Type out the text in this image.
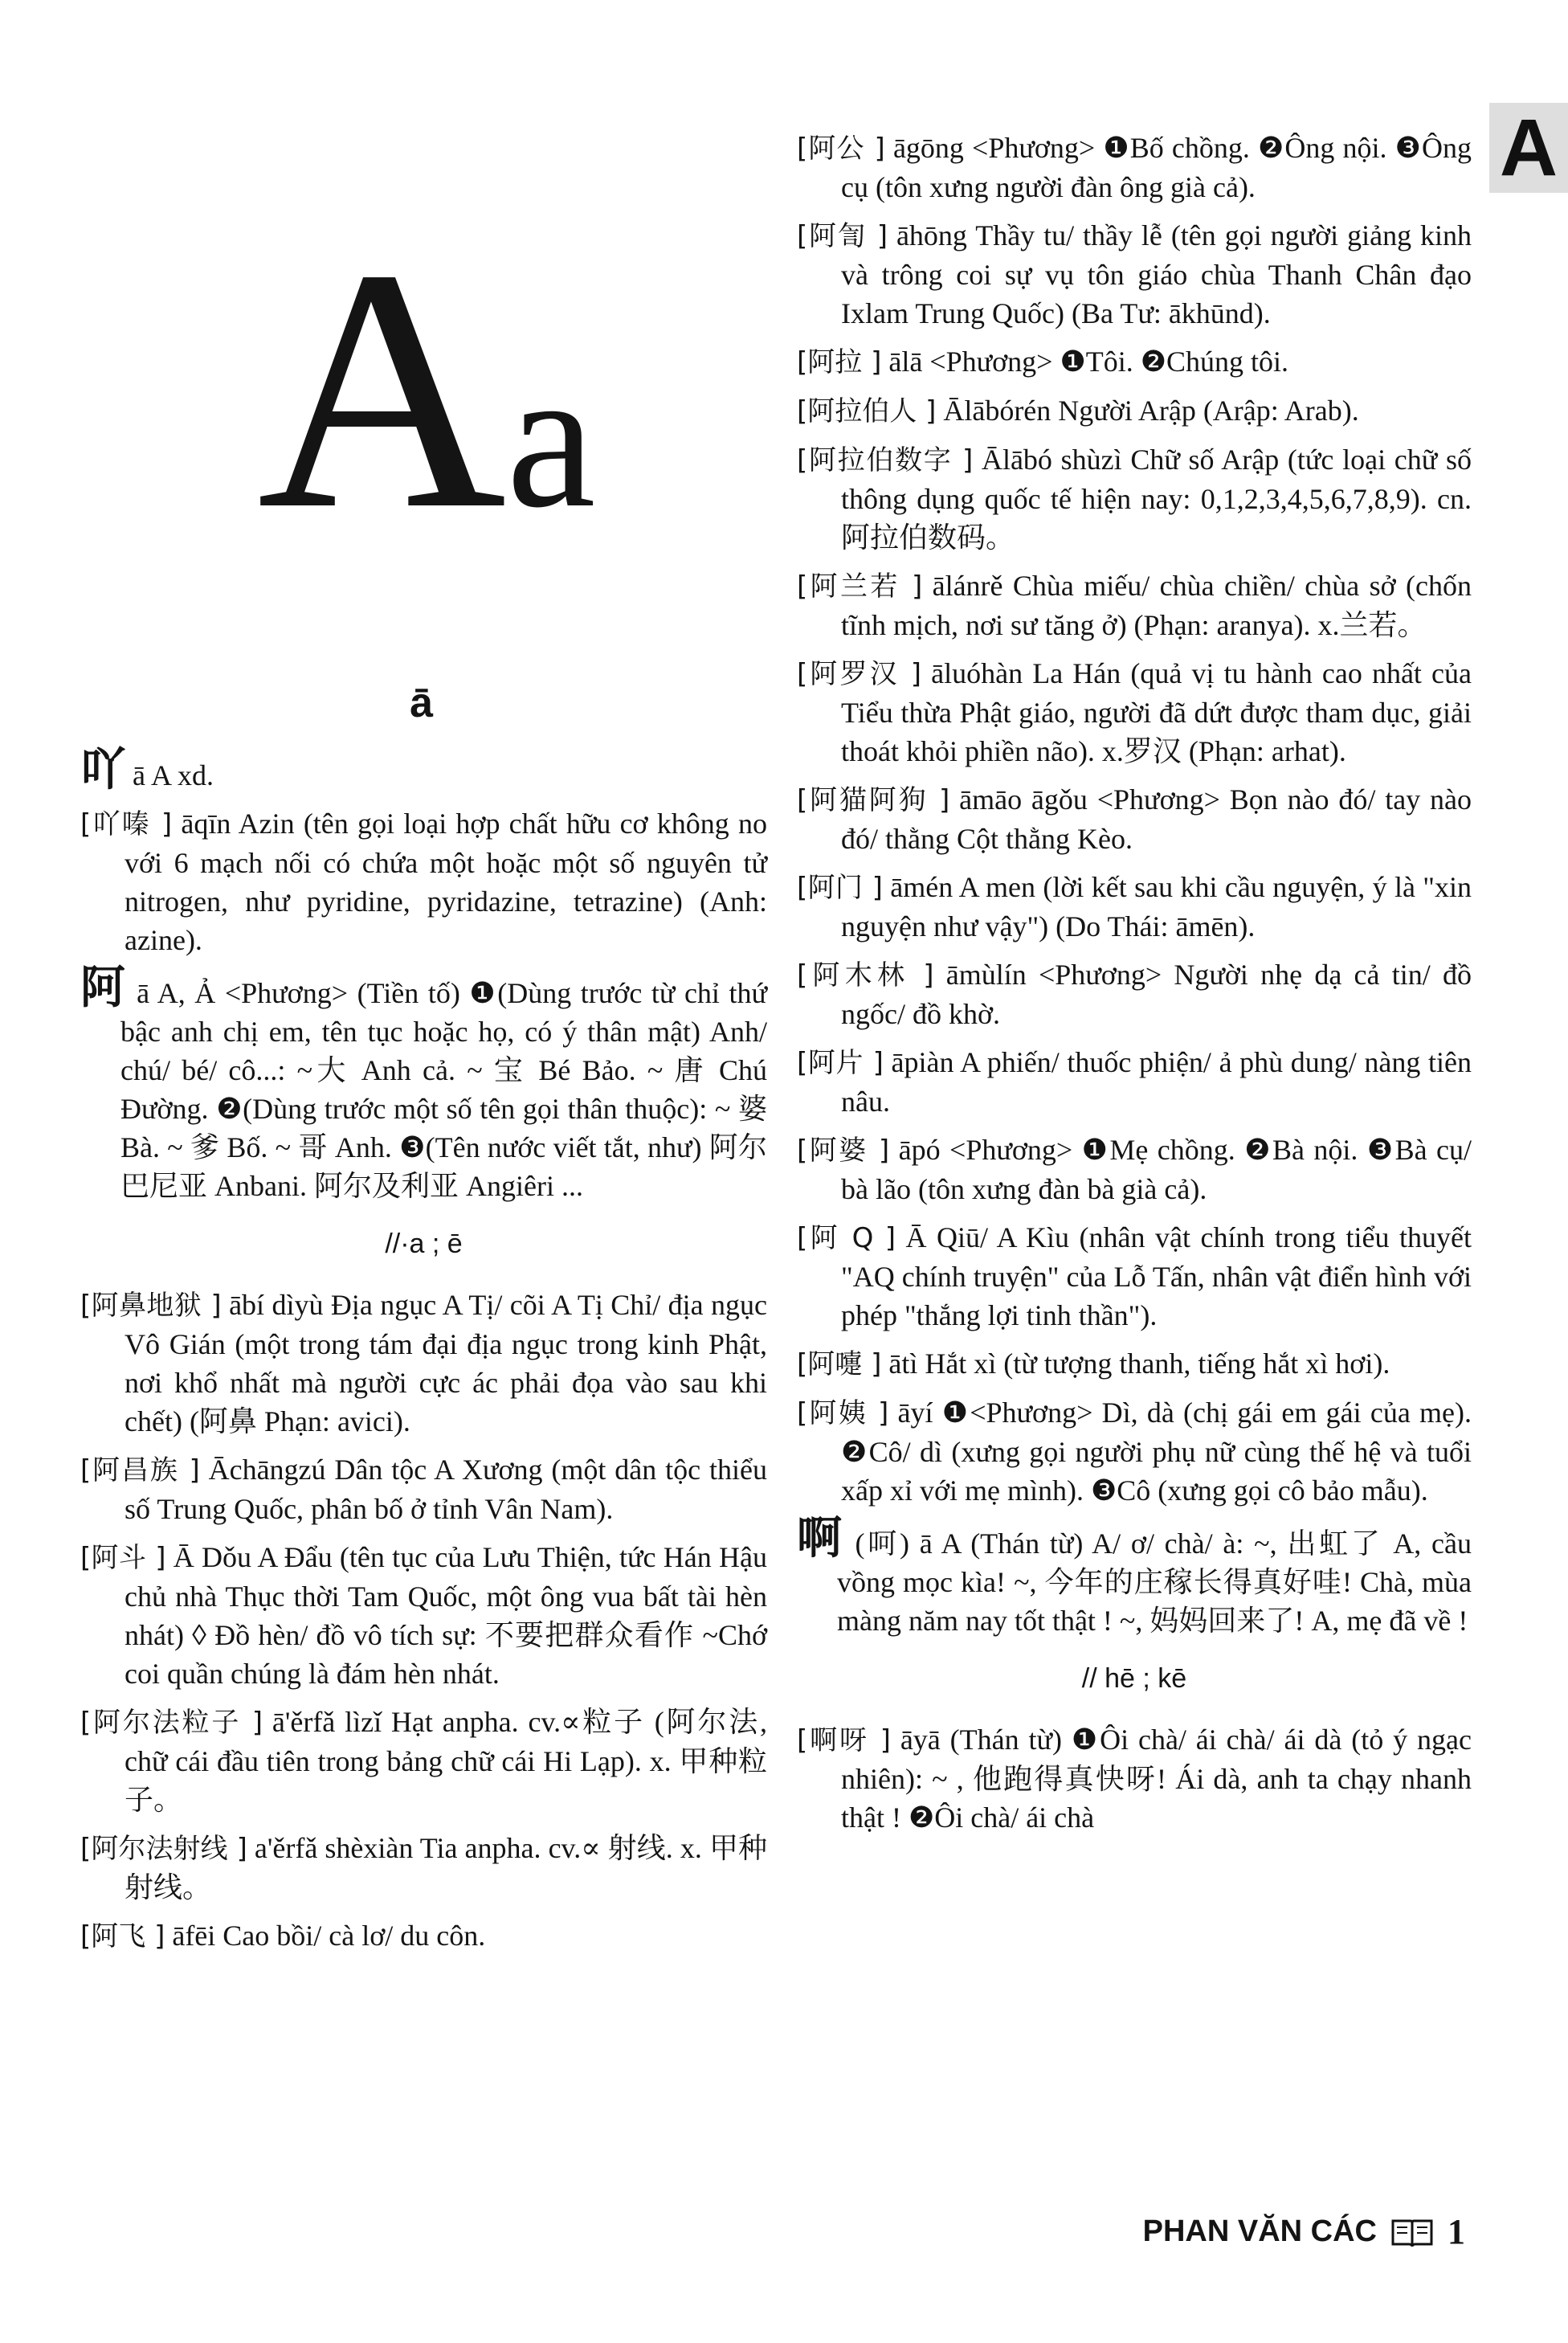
Aa
ā
A
吖 ā A xd.
[吖嗪 ] āqīn Azin (tên gọi loại hợp chất hữu cơ không no với 6 mạch nối có chứa một hoặc một số nguyên tử nitrogen, như pyridine, pyridazine, tetrazine) (Anh: azine).
阿 ā A, Ả <Phương> (Tiền tố) ❶(Dùng trước từ chỉ thứ bậc anh chị em, tên tục hoặc họ, có ý thân mật) Anh/ chú/ bé/ cô...: ~大 Anh cả. ~ 宝 Bé Bảo. ~ 唐 Chú Đường. ❷(Dùng trước một số tên gọi thân thuộc): ~ 婆 Bà. ~ 爹 Bố. ~ 哥 Anh. ❸(Tên nước viết tắt, như) 阿尔巴尼亚 Anbani. 阿尔及利亚 Angiêri ...
//·a ; ē
[阿鼻地狱 ] ābí dìyù Địa ngục A Tị/ cõi A Tị Chỉ/ địa ngục Vô Gián (một trong tám đại địa ngục trong kinh Phật, nơi khổ nhất mà người cực ác phải đọa vào sau khi chết) (阿鼻 Phạn: avici).
[阿昌族 ] Āchāngzú Dân tộc A Xương (một dân tộc thiểu số Trung Quốc, phân bố ở tỉnh Vân Nam).
[阿斗 ] Ā Dǒu A Đẩu (tên tục của Lưu Thiện, tức Hán Hậu chủ nhà Thục thời Tam Quốc, một ông vua bất tài hèn nhát) ◊ Đồ hèn/ đồ vô tích sự: 不要把群众看作 ~Chớ coi quần chúng là đám hèn nhát.
[阿尔法粒子 ] ā'ěrfǎ lìzǐ Hạt anpha. cv.∝粒子 (阿尔法, chữ cái đầu tiên trong bảng chữ cái Hi Lạp). x. 甲种粒子。
[阿尔法射线 ] a'ěrfǎ shèxiàn Tia anpha. cv.∝ 射线. x. 甲种射线。
[阿飞 ] āfēi Cao bồi/ cà lơ/ du côn.
[阿公 ] āgōng <Phương> ❶Bố chồng. ❷Ông nội. ❸Ông cụ (tôn xưng người đàn ông già cả).
[阿訇 ] āhōng Thầy tu/ thầy lễ (tên gọi người giảng kinh và trông coi sự vụ tôn giáo chùa Thanh Chân đạo Ixlam Trung Quốc) (Ba Tư: ākhūnd).
[阿拉 ] ālā <Phương> ❶Tôi. ❷Chúng tôi.
[阿拉伯人 ] Ālābórén Người Arập (Arập: Arab).
[阿拉伯数字 ] Ālābó shùzì Chữ số Arập (tức loại chữ số thông dụng quốc tế hiện nay: 0,1,2,3,4,5,6,7,8,9). cn. 阿拉伯数码。
[阿兰若 ] ālánrě Chùa miếu/ chùa chiền/ chùa sở (chốn tĩnh mịch, nơi sư tăng ở) (Phạn: aranya). x.兰若。
[阿罗汉 ] āluóhàn La Hán (quả vị tu hành cao nhất của Tiểu thừa Phật giáo, người đã dứt được tham dục, giải thoát khỏi phiền não). x.罗汉 (Phạn: arhat).
[阿猫阿狗 ] āmāo āgǒu <Phương> Bọn nào đó/ tay nào đó/ thằng Cột thằng Kèo.
[阿门 ] āmén A men (lời kết sau khi cầu nguyện, ý là "xin nguyện như vậy") (Do Thái: āmēn).
[阿木林 ] āmùlín <Phương> Người nhẹ dạ cả tin/ đồ ngốc/ đồ khờ.
[阿片 ] āpiàn A phiến/ thuốc phiện/ ả phù dung/ nàng tiên nâu.
[阿婆 ] āpó <Phương> ❶Mẹ chồng. ❷Bà nội. ❸Bà cụ/ bà lão (tôn xưng đàn bà già cả).
[阿 Q ] Ā Qiū/ A Kìu (nhân vật chính trong tiểu thuyết "AQ chính truyện" của Lỗ Tấn, nhân vật điển hình với phép "thắng lợi tinh thần").
[阿嚏 ] ātì Hắt xì (từ tượng thanh, tiếng hắt xì hơi).
[阿姨 ] āyí ❶<Phương> Dì, dà (chị gái em gái của mẹ). ❷Cô/ dì (xưng gọi người phụ nữ cùng thế hệ và tuổi xấp xỉ với mẹ mình). ❸Cô (xưng gọi cô bảo mẫu).
啊 (呵) ā A (Thán từ) A/ ơ/ chà/ à: ~, 出虹了 A, cầu vồng mọc kìa! ~, 今年的庄稼长得真好哇! Chà, mùa màng năm nay tốt thật ! ~, 妈妈回来了! A, mẹ đã về !
// hē ; kē
[啊呀 ] āyā (Thán từ) ❶Ôi chà/ ái chà/ ái dà (tỏ ý ngạc nhiên): ~ , 他跑得真快呀! Ái dà, anh ta chạy nhanh thật ! ❷Ôi chà/ ái chà
PHAN VĂN CÁC 1
